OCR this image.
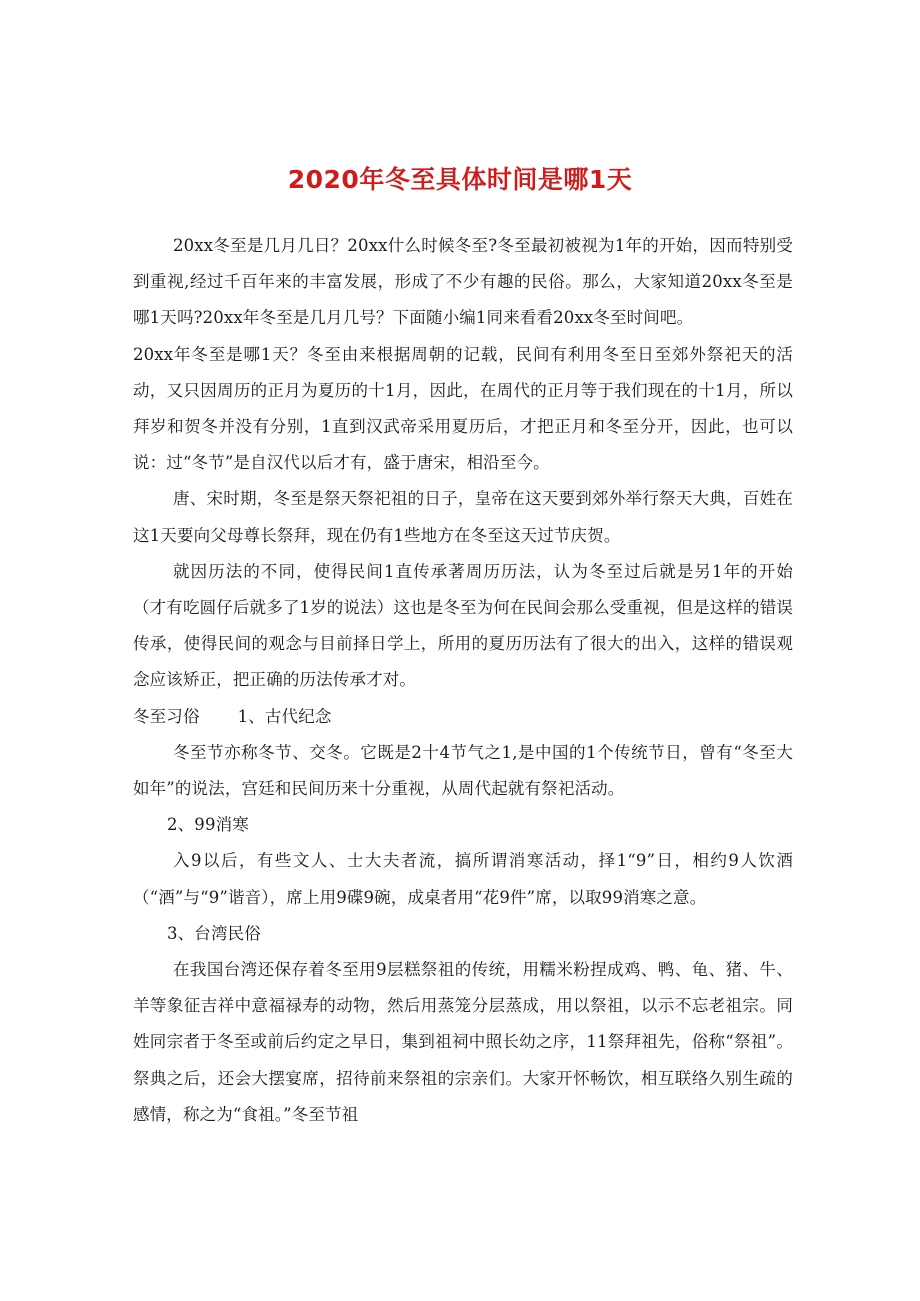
2020年冬至具体时间是哪1天

20xx冬至是几月几日？20xx什么时候冬至?冬至最初被视为1年的开始，因而特别受到重视,经过千百年来的丰富发展，形成了不少有趣的民俗。那么，大家知道20xx冬至是哪1天吗?20xx年冬至是几月几号？下面随小编1同来看看20xx冬至时间吧。

20xx年冬至是哪1天？冬至由来根据周朝的记载，民间有利用冬至日至郊外祭祀天的活动，又只因周历的正月为夏历的十1月，因此，在周代的正月等于我们现在的十1月，所以拜岁和贺冬并没有分别，1直到汉武帝采用夏历后，才把正月和冬至分开，因此，也可以说：过“冬节”是自汉代以后才有，盛于唐宋，相沿至今。

唐、宋时期，冬至是祭天祭祀祖的日子，皇帝在这天要到郊外举行祭天大典，百姓在这1天要向父母尊长祭拜，现在仍有1些地方在冬至这天过节庆贺。

就因历法的不同，使得民间1直传承著周历历法，认为冬至过后就是另1年的开始（才有吃圆仔后就多了1岁的说法）这也是冬至为何在民间会那么受重视，但是这样的错误传承，使得民间的观念与目前择日学上，所用的夏历历法有了很大的出入，这样的错误观念应该矫正，把正确的历法传承才对。

冬至习俗 1、古代纪念

冬至节亦称冬节、交冬。它既是2十4节气之1,是中国的1个传统节日，曾有“冬至大如年”的说法，宫廷和民间历来十分重视，从周代起就有祭祀活动。

2、99消寒

入9以后，有些文人、士大夫者流，搞所谓消寒活动，择1“9”日，相约9人饮酒（“酒”与“9”谐音），席上用9碟9碗，成桌者用“花9件”席，以取99消寒之意。

3、台湾民俗

在我国台湾还保存着冬至用9层糕祭祖的传统，用糯米粉捏成鸡、鸭、龟、猪、牛、羊等象征吉祥中意福禄寿的动物，然后用蒸笼分层蒸成，用以祭祖，以示不忘老祖宗。同姓同宗者于冬至或前后约定之早日，集到祖祠中照长幼之序，11祭拜祖先，俗称“祭祖”。祭典之后，还会大摆宴席，招待前来祭祖的宗亲们。大家开怀畅饮，相互联络久别生疏的感情，称之为“食祖。”冬至节祖
